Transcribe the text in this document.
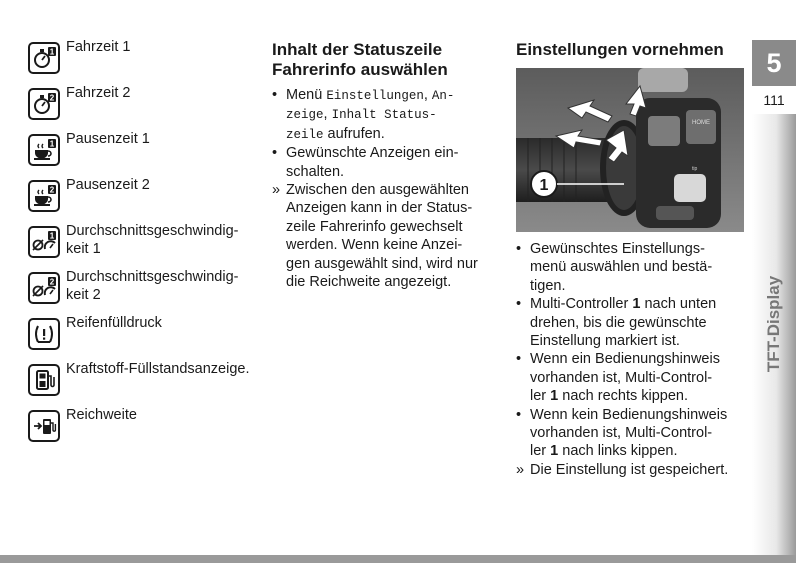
1 Fahrzeit 1
2 Fahrzeit 2
1 Pausenzeit 1
2 Pausenzeit 2
1 Durchschnittsgeschwindig-
keit 1
2 Durchschnittsgeschwindig-
keit 2
Reifenfülldruck
Kraftstoff-Füllstandsanzeige.
Reichweite
Inhalt der Statuszeile
Fahrerinfo auswählen
• Menü Einstellungen, An-
zeige, Inhalt Status-
zeile aufrufen.
• Gewünschte Anzeigen ein-
schalten.
» Zwischen den ausgewählten
Anzeigen kann in der Status-
zeile Fahrerinfo gewechselt
werden. Wenn keine Anzei-
gen ausgewählt sind, wird nur
die Reichweite angezeigt.
Einstellungen vornehmen
HOME
tip
1
• Gewünschtes Einstellungs-
menü auswählen und bestä-
tigen.
• Multi-Controller 1 nach unten
drehen, bis die gewünschte
Einstellung markiert ist.
• Wenn ein Bedienungshinweis
vorhanden ist, Multi-Control-
ler 1 nach rechts kippen.
• Wenn kein Bedienungshinweis
vorhanden ist, Multi-Control-
ler 1 nach links kippen.
» Die Einstellung ist gespeichert.
5
111
TFT-Display
